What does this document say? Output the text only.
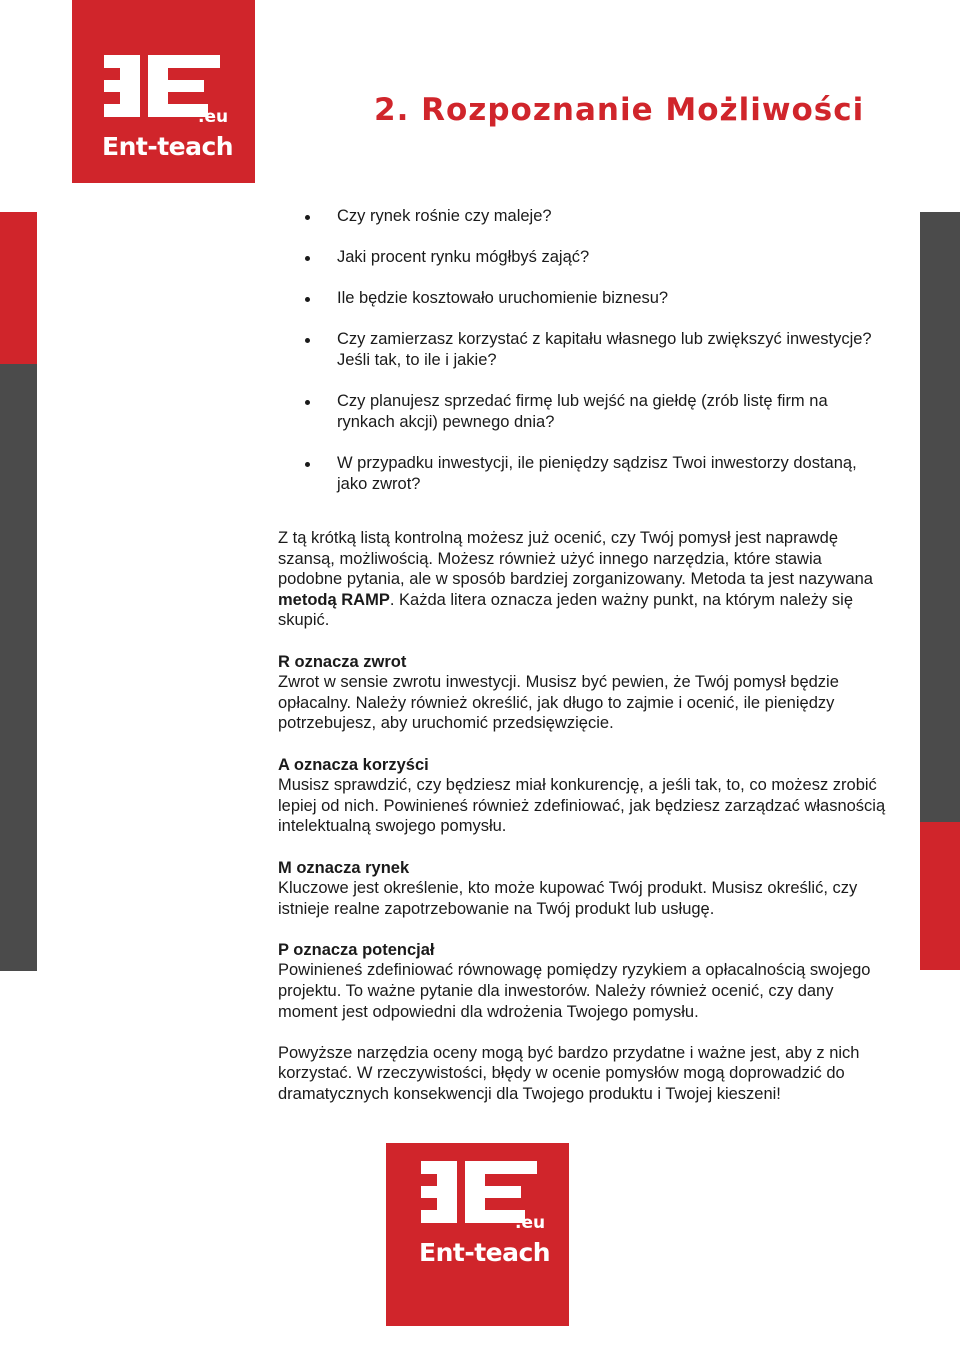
.eu
Ent-teach
2. Rozpoznanie Możliwości
Czy rynek rośnie czy maleje?
Jaki procent rynku mógłbyś zająć?
Ile będzie kosztowało uruchomienie biznesu?
Czy zamierzasz korzystać z kapitału własnego lub zwiększyć inwestycje? Jeśli tak, to ile i jakie?
Czy planujesz sprzedać firmę lub wejść na giełdę (zrób listę firm na rynkach akcji) pewnego dnia?
W przypadku inwestycji, ile pieniędzy sądzisz Twoi inwestorzy dostaną, jako zwrot?

Z tą krótką listą kontrolną możesz już ocenić, czy Twój pomysł jest naprawdę szansą, możliwością. Możesz również użyć innego narzędzia, które stawia podobne pytania, ale w sposób bardziej zorganizowany. Metoda ta jest nazywana metodą RAMP. Każda litera oznacza jeden ważny punkt, na którym należy się skupić.

R oznacza zwrot
Zwrot w sensie zwrotu inwestycji. Musisz być pewien, że Twój pomysł będzie opłacalny. Należy również określić, jak długo to zajmie i ocenić, ile pieniędzy potrzebujesz, aby uruchomić przedsięwzięcie.

A oznacza korzyści
Musisz sprawdzić, czy będziesz miał konkurencję, a jeśli tak, to, co możesz zrobić lepiej od nich. Powinieneś również zdefiniować, jak będziesz zarządzać własnością intelektualną swojego pomysłu.

M oznacza rynek
Kluczowe jest określenie, kto może kupować Twój produkt. Musisz określić, czy istnieje realne zapotrzebowanie na Twój produkt lub usługę.

P oznacza potencjał
Powinieneś zdefiniować równowagę pomiędzy ryzykiem a opłacalnością swojego projektu. To ważne pytanie dla inwestorów. Należy również ocenić, czy dany moment jest odpowiedni dla wdrożenia Twojego pomysłu.

Powyższe narzędzia oceny mogą być bardzo przydatne i ważne jest, aby z nich korzystać. W rzeczywistości, błędy w ocenie pomysłów mogą doprowadzić do dramatycznych konsekwencji dla Twojego produktu i Twojej kieszeni!

.eu
Ent-teach
